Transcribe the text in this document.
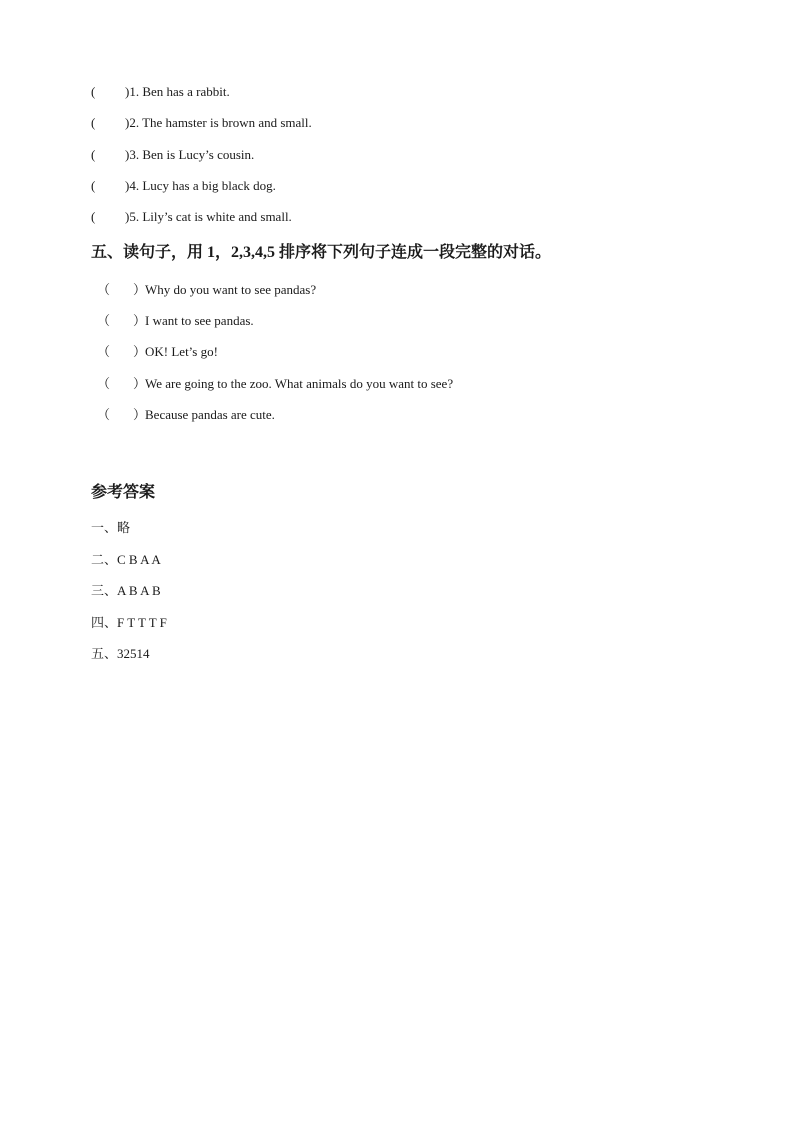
( )1. Ben has a rabbit.
( )2. The hamster is brown and small.
( )3. Ben is Lucy’s cousin.
( )4. Lucy has a big black dog.
( )5. Lily’s cat is white and small.
五、读句子，用 1，2,3,4,5 排序将下列句子连成一段完整的对话。
（ ）Why do you want to see pandas?
（ ）I want to see pandas.
（ ）OK! Let’s go!
（ ）We are going to the zoo. What animals do you want to see?
（ ）Because pandas are cute.
参考答案
一、略
二、C B A A
三、A B A B
四、F T T T F
五、32514
